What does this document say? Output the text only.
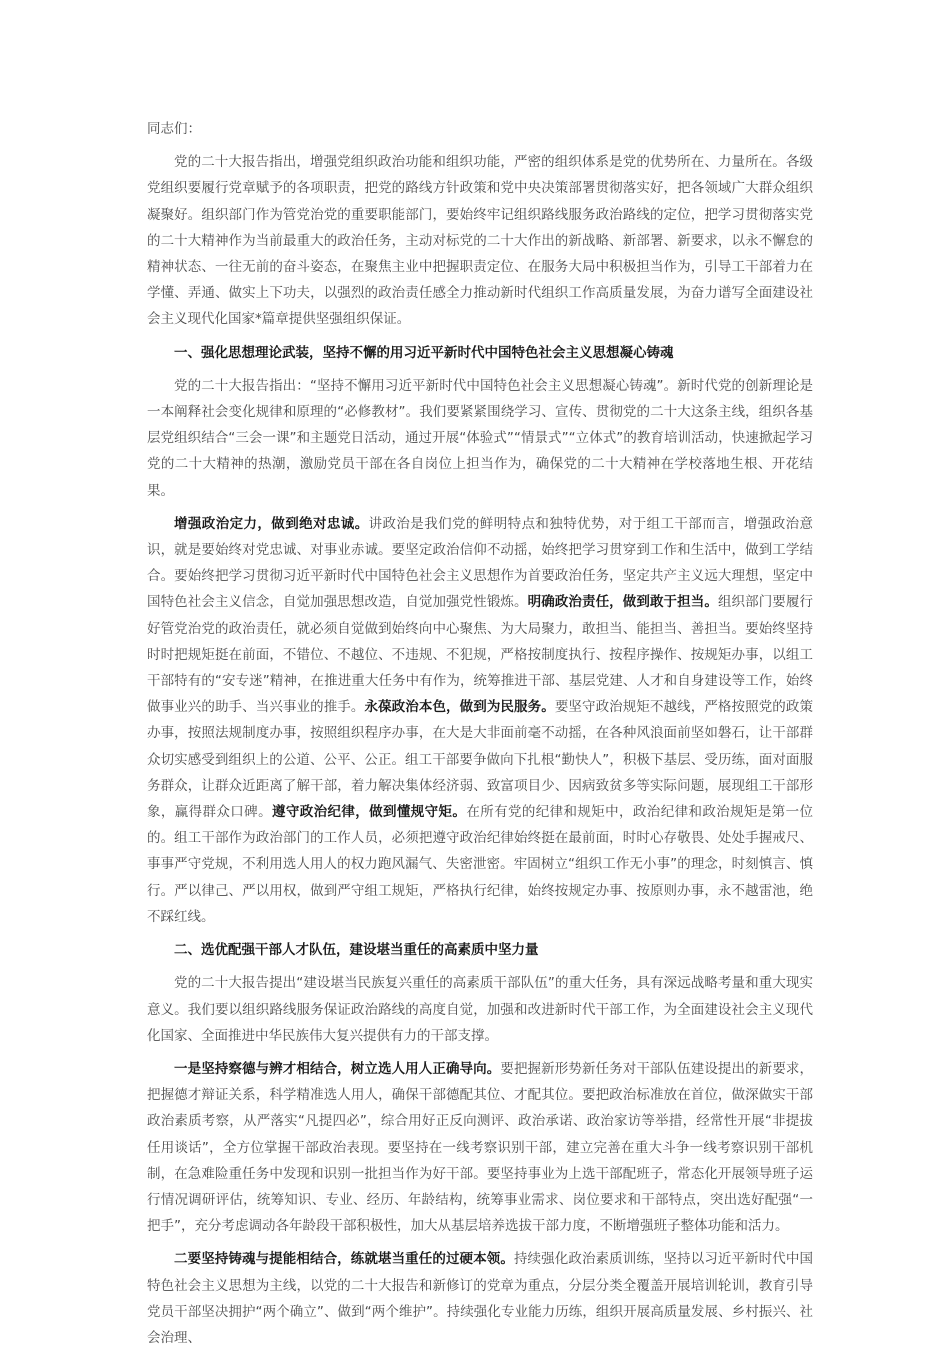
同志们：

党的二十大报告指出，增强党组织政治功能和组织功能，严密的组织体系是党的优势所在、力量所在。各级党组织要履行党章赋予的各项职责，把党的路线方针政策和党中央决策部署贯彻落实好，把各领域广大群众组织凝聚好。组织部门作为管党治党的重要职能部门，要始终牢记组织路线服务政治路线的定位，把学习贯彻落实党的二十大精神作为当前最重大的政治任务，主动对标党的二十大作出的新战略、新部署、新要求，以永不懈怠的精神状态、一往无前的奋斗姿态，在聚焦主业中把握职责定位、在服务大局中积极担当作为，引导工干部着力在学懂、弄通、做实上下功夫，以强烈的政治责任感全力推动新时代组织工作高质量发展，为奋力谱写全面建设社会主义现代化国家*篇章提供坚强组织保证。

一、强化思想理论武装，坚持不懈的用习近平新时代中国特色社会主义思想凝心铸魂

党的二十大报告指出：“坚持不懈用习近平新时代中国特色社会主义思想凝心铸魂”。新时代党的创新理论是一本阐释社会变化规律和原理的“必修教材”。我们要紧紧围绕学习、宣传、贯彻党的二十大这条主线，组织各基层党组织结合“三会一课”和主题党日活动，通过开展“体验式”“情景式”“立体式”的教育培训活动，快速掀起学习党的二十大精神的热潮，激励党员干部在各自岗位上担当作为，确保党的二十大精神在学校落地生根、开花结果。

增强政治定力，做到绝对忠诚。讲政治是我们党的鲜明特点和独特优势，对于组工干部而言，增强政治意识，就是要始终对党忠诚、对事业赤诚。要坚定政治信仰不动摇，始终把学习贯穿到工作和生活中，做到工学结合。要始终把学习贯彻习近平新时代中国特色社会主义思想作为首要政治任务，坚定共产主义远大理想，坚定中国特色社会主义信念，自觉加强思想改造，自觉加强党性锻炼。明确政治责任，做到敢于担当。组织部门要履行好管党治党的政治责任，就必须自觉做到始终向中心聚焦、为大局聚力，敢担当、能担当、善担当。要始终坚持时时把规矩挺在前面，不错位、不越位、不违规、不犯规，严格按制度执行、按程序操作、按规矩办事，以组工干部特有的“安专迷”精神，在推进重大任务中有作为，统筹推进干部、基层党建、人才和自身建设等工作，始终做事业兴的助手、当兴事业的推手。永葆政治本色，做到为民服务。要坚守政治规矩不越线，严格按照党的政策办事，按照法规制度办事，按照组织程序办事，在大是大非面前毫不动摇，在各种风浪面前坚如磐石，让干部群众切实感受到组织上的公道、公平、公正。组工干部要争做向下扎根“勤快人”，积极下基层、受历练，面对面服务群众，让群众近距离了解干部，着力解决集体经济弱、致富项目少、因病致贫多等实际问题，展现组工干部形象，赢得群众口碑。遵守政治纪律，做到懂规守矩。在所有党的纪律和规矩中，政治纪律和政治规矩是第一位的。组工干部作为政治部门的工作人员，必须把遵守政治纪律始终挺在最前面，时时心存敬畏、处处手握戒尺、事事严守党规，不利用选人用人的权力跑风漏气、失密泄密。牢固树立“组织工作无小事”的理念，时刻慎言、慎行。严以律己、严以用权，做到严守组工规矩，严格执行纪律，始终按规定办事、按原则办事，永不越雷池，绝不踩红线。

二、选优配强干部人才队伍，建设堪当重任的高素质中坚力量

党的二十大报告提出“建设堪当民族复兴重任的高素质干部队伍”的重大任务，具有深远战略考量和重大现实意义。我们要以组织路线服务保证政治路线的高度自觉，加强和改进新时代干部工作，为全面建设社会主义现代化国家、全面推进中华民族伟大复兴提供有力的干部支撑。

一是坚持察德与辨才相结合，树立选人用人正确导向。要把握新形势新任务对干部队伍建设提出的新要求，把握德才辩证关系，科学精准选人用人，确保干部德配其位、才配其位。要把政治标准放在首位，做深做实干部政治素质考察，从严落实“凡提四必”，综合用好正反向测评、政治承诺、政治家访等举措，经常性开展“非提拔任用谈话”，全方位掌握干部政治表现。要坚持在一线考察识别干部，建立完善在重大斗争一线考察识别干部机制，在急难险重任务中发现和识别一批担当作为好干部。要坚持事业为上选干部配班子，常态化开展领导班子运行情况调研评估，统筹知识、专业、经历、年龄结构，统筹事业需求、岗位要求和干部特点，突出选好配强“一把手”，充分考虑调动各年龄段干部积极性，加大从基层培养选拔干部力度，不断增强班子整体功能和活力。

二要坚持铸魂与提能相结合，练就堪当重任的过硬本领。持续强化政治素质训练，坚持以习近平新时代中国特色社会主义思想为主线，以党的二十大报告和新修订的党章为重点，分层分类全覆盖开展培训轮训，教育引导党员干部坚决拥护“两个确立”、做到“两个维护”。持续强化专业能力历练，组织开展高质量发展、乡村振兴、社会治理、
